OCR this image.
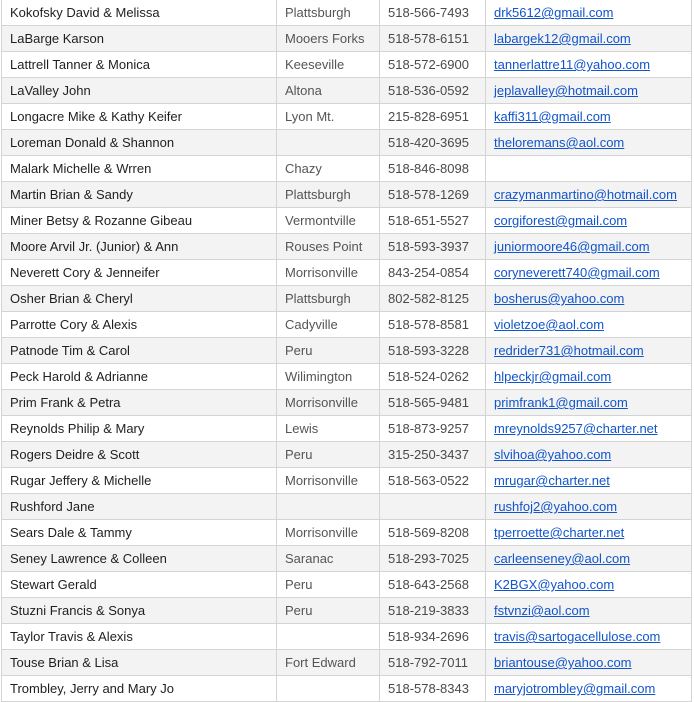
Kokofsky David & Melissa	Plattsburgh	518-566-7493	drk5612@gmail.com
LaBarge Karson	Mooers Forks	518-578-6151	labargek12@gmail.com
Lattrell Tanner & Monica	Keeseville	518-572-6900	tannerlattre11@yahoo.com
LaValley John	Altona	518-536-0592	jeplavalley@hotmail.com
Longacre Mike & Kathy Keifer	Lyon Mt.	215-828-6951	kaffi311@gmail.com
Loreman Donald & Shannon		518-420-3695	theloremans@aol.com
Malark Michelle & Wrren	Chazy	518-846-8098	
Martin Brian & Sandy	Plattsburgh	518-578-1269	crazymanmartino@hotmail.com
Miner Betsy & Rozanne Gibeau	Vermontville	518-651-5527	corgiforest@gmail.com
Moore Arvil Jr. (Junior) & Ann	Rouses Point	518-593-3937	juniormoore46@gmail.com
Neverett Cory & Jenneifer	Morrisonville	843-254-0854	coryneverett740@gmail.com
Osher Brian & Cheryl	Plattsburgh	802-582-8125	bosherus@yahoo.com
Parrotte Cory & Alexis	Cadyville	518-578-8581	violetzoe@aol.com
Patnode Tim & Carol	Peru	518-593-3228	redrider731@hotmail.com
Peck Harold & Adrianne	Wilimington	518-524-0262	hlpeckjr@gmail.com
Prim Frank & Petra	Morrisonville	518-565-9481	primfrank1@gmail.com
Reynolds Philip & Mary	Lewis	518-873-9257	mreynolds9257@charter.net
Rogers Deidre & Scott	Peru	315-250-3437	slvihoa@yahoo.com
Rugar Jeffery & Michelle	Morrisonville	518-563-0522	mrugar@charter.net
Rushford Jane			rushfoj2@yahoo.com
Sears Dale & Tammy	Morrisonville	518-569-8208	tperroette@charter.net
Seney Lawrence & Colleen	Saranac	518-293-7025	carleenseney@aol.com
Stewart Gerald	Peru	518-643-2568	K2BGX@yahoo.com
Stuzni Francis & Sonya	Peru	518-219-3833	fstvnzi@aol.com
Taylor Travis & Alexis		518-934-2696	travis@sartogacellulose.com
Touse Brian & Lisa	Fort Edward	518-792-7011	briantouse@yahoo.com
Trombley, Jerry and Mary Jo		518-578-8343	maryjotrombley@gmail.com
